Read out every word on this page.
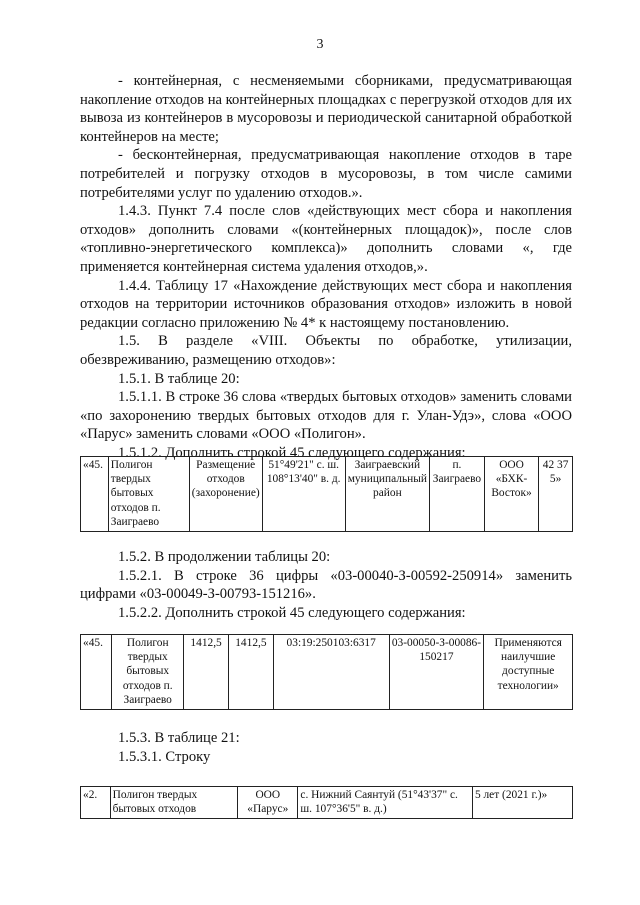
3

- контейнерная, с несменяемыми сборниками, предусматривающая накопление отходов на контейнерных площадках с перегрузкой отходов для их вывоза из контейнеров в мусоровозы и периодической санитарной обработкой контейнеров на месте;

- бесконтейнерная, предусматривающая накопление отходов в таре потребителей и погрузку отходов в мусоровозы, в том числе самими потребителями услуг по удалению отходов.».

1.4.3. Пункт 7.4 после слов «действующих мест сбора и накопления отходов» дополнить словами «(контейнерных площадок)», после слов «топливно-энергетического комплекса)» дополнить словами «, где применяется контейнерная система удаления отходов,».

1.4.4. Таблицу 17 «Нахождение действующих мест сбора и накопления отходов на территории источников образования отходов» изложить в новой редакции согласно приложению № 4* к настоящему постановлению.

1.5. В разделе «VIII. Объекты по обработке, утилизации, обезвреживанию, размещению отходов»:

1.5.1. В таблице 20:

1.5.1.1. В строке 36 слова «твердых бытовых отходов» заменить словами «по захоронению твердых бытовых отходов для г. Улан-Удэ», слова «ООО «Парус» заменить словами «ООО «Полигон».

1.5.1.2. Дополнить строкой 45 следующего содержания:

«45.	Полигон твердых бытовых отходов п. Заиграево	Размещение отходов (захоронение)	51°49'21" с. ш. 108°13'40" в. д.	Заиграевский муниципальный район	п. Заиграево	ООО «БХК-Восток»	42 37 5»

1.5.2. В продолжении таблицы 20:

1.5.2.1. В строке 36 цифры «03-00040-З-00592-250914» заменить цифрами «03-00049-З-00793-151216».

1.5.2.2. Дополнить строкой 45 следующего содержания:

«45.	Полигон твердых бытовых отходов п. Заиграево	1412,5	1412,5	03:19:250103:6317	03-00050-З-00086-150217	Применяются наилучшие доступные технологии»

1.5.3. В таблице 21:

1.5.3.1. Строку

«2.	Полигон твердых бытовых отходов	ООО «Парус»	с. Нижний Саянтуй (51°43'37" с. ш. 107°36'5" в. д.)	5 лет (2021 г.)»
